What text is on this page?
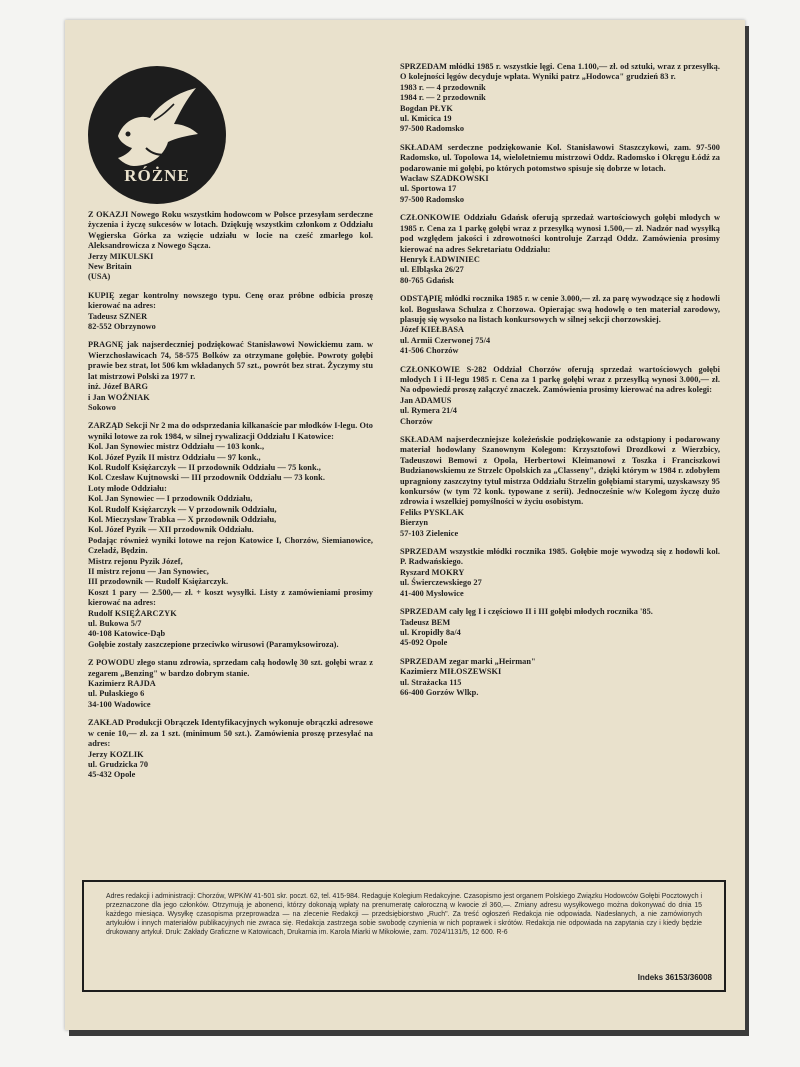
RÓŻNE

Z OKAZJI Nowego Roku wszystkim hodowcom w Polsce przesyłam serdeczne życzenia i życzę sukcesów w lotach. Dziękuję wszystkim członkom z Oddziału Węgierska Górka za wzięcie udziału w locie na cześć zmarłego kol. Aleksandrowicza z Nowego Sącza.
Jerzy MIKULSKI
New Britain
(USA)

KUPIĘ zegar kontrolny nowszego typu. Cenę oraz próbne odbicia proszę kierować na adres:
Tadeusz SZNER
82-552 Obrzynowo

PRAGNĘ jak najserdeczniej podziękować Stanisławowi Nowickiemu zam. w Wierzchosławicach 74, 58-575 Bolków za otrzymane gołębie. Powroty gołębi prawie bez strat, lot 506 km wkładanych 57 szt., powrót bez strat. Życzymy stu lat mistrzowi Polski za 1977 r.
inż. Józef BARG
i Jan WOŹNIAK
Sokowo

ZARZĄD Sekcji Nr 2 ma do odsprzedania kilkanaście par młodków I-legu. Oto wyniki lotowe za rok 1984, w silnej rywalizacji Oddziału I Katowice:
Kol. Jan Synowiec mistrz Oddziału — 103 konk.,
Kol. Józef Pyzik II mistrz Oddziału — 97 konk.,
Kol. Rudolf Księżarczyk — II przodownik Oddziału — 75 konk.,
Kol. Czesław Kujtnowski — III przodownik Oddziału — 73 konk.
Loty młode Oddziału:
Kol. Jan Synowiec — I przodownik Oddziału,
Kol. Rudolf Księżarczyk — V przodownik Oddziału,
Kol. Mieczysław Trabka — X przodownik Oddziału,
Kol. Józef Pyzik — XII przodownik Oddziału.
Podając również wyniki lotowe na rejon Katowice I, Chorzów, Siemianowice, Czeladź, Będzin.
Mistrz rejonu Pyzik Józef,
II mistrz rejonu — Jan Synowiec,
III przodownik — Rudolf Księżarczyk.
Koszt 1 pary — 2.500,— zł. + koszt wysyłki. Listy z zamówieniami prosimy kierować na adres:
Rudolf KSIĘŻARCZYK
ul. Bukowa 5/7
40-108 Katowice-Dąb
Gołębie zostały zaszczepione przeciwko wirusowi (Paramyksowiroza).

Z POWODU złego stanu zdrowia, sprzedam całą hodowlę 30 szt. gołębi wraz z zegarem „Benzing" w bardzo dobrym stanie.
Kazimierz RAJDA
ul. Pułaskiego 6
34-100 Wadowice

ZAKŁAD Produkcji Obrączek Identyfikacyjnych wykonuje obrączki adresowe w cenie 10,— zł. za 1 szt. (minimum 50 szt.). Zamówienia proszę przesyłać na adres:
Jerzy KOZLIK
ul. Grudzicka 70
45-432 Opole

SPRZEDAM młódki 1985 r. wszystkie lęgi. Cena 1.100,— zł. od sztuki, wraz z przesyłką. O kolejności lęgów decyduje wpłata. Wyniki patrz „Hodowca" grudzień 83 r.
1983 r. — 4 przodownik
1984 r. — 2 przodownik
Bogdan PŁYK
ul. Kmicica 19
97-500 Radomsko

SKŁADAM serdeczne podziękowanie Kol. Stanisławowi Staszczykowi, zam. 97-500 Radomsko, ul. Topolowa 14, wieloletniemu mistrzowi Oddz. Radomsko i Okręgu Łódź za podarowanie mi gołębi, po których potomstwo spisuje się dobrze w lotach.
Wacław SZADKOWSKI
ul. Sportowa 17
97-500 Radomsko

CZŁONKOWIE Oddziału Gdańsk oferują sprzedaż wartościowych gołębi młodych w 1985 r. Cena za 1 parkę gołębi wraz z przesyłką wynosi 1.500,— zł. Nadzór nad wysyłką pod względem jakości i zdrowotności kontroluje Zarząd Oddz. Zamówienia prosimy kierować na adres Sekretariatu Oddziału:
Henryk ŁADWINIEC
ul. Elbląska 26/27
80-765 Gdańsk

ODSTĄPIĘ młódki rocznika 1985 r. w cenie 3.000,— zł. za parę wywodzące się z hodowli kol. Bogusława Schulza z Chorzowa. Opierając swą hodowlę o ten materiał zarodowy, plasuję się wysoko na listach konkursowych w silnej sekcji chorzowskiej.
Józef KIEŁBASA
ul. Armii Czerwonej 75/4
41-506 Chorzów

CZŁONKOWIE S-282 Oddział Chorzów oferują sprzedaż wartościowych gołębi młodych I i II-legu 1985 r. Cena za 1 parkę gołębi wraz z przesyłką wynosi 3.000,— zł. Na odpowiedź proszę załączyć znaczek. Zamówienia prosimy kierować na adres kolegi:
Jan ADAMUS
ul. Rymera 21/4
Chorzów

SKŁADAM najserdeczniejsze koleżeńskie podziękowanie za odstąpiony i podarowany materiał hodowlany Szanownym Kolegom: Krzysztofowi Drozdkowi z Wierzbicy, Tadeuszowi Bemowi z Opola, Herbertowi Kleimanowi z Toszka i Franciszkowi Budzianowskiemu ze Strzelc Opolskich za „Classeny", dzięki którym w 1984 r. zdobyłem upragniony zaszczytny tytuł mistrza Oddziału Strzelin gołębiami starymi, uzyskawszy 95 konkursów (w tym 72 konk. typowane z serii). Jednocześnie w/w Kolegom życzę dużo zdrowia i wszelkiej pomyślności w życiu osobistym.
Feliks PYSKLAK
Bierzyn
57-103 Zielenice

SPRZEDAM wszystkie młódki rocznika 1985. Gołębie moje wywodzą się z hodowli kol. P. Radwańskiego.
Ryszard MOKRY
ul. Świerczewskiego 27
41-400 Mysłowice

SPRZEDAM cały lęg I i częściowo II i III gołębi młodych rocznika '85.
Tadeusz BEM
ul. Kropidły 8a/4
45-092 Opole

SPRZEDAM zegar marki „Heirman"
Kazimierz MIŁOSZEWSKI
ul. Strażacka 115
66-400 Gorzów Wlkp.

Adres redakcji i administracji: Chorzów, WPKiW 41-501 skr. poczt. 62, tel. 415-984. Redaguje Kolegium Redakcyjne. Czasopismo jest organem Polskiego Związku Hodowców Gołębi Pocztowych i przeznaczone dla jego członków. Otrzymują je abonenci, którzy dokonają wpłaty na prenumeratę całoroczną w kwocie zł 360,—. Zmiany adresu wysyłkowego można dokonywać do dnia 15 każdego miesiąca. Wysyłkę czasopisma przeprowadza — na zlecenie Redakcji — przedsiębiorstwo „Ruch". Za treść ogłoszeń Redakcja nie odpowiada. Nadesłanych, a nie zamówionych artykułów i innych materiałów publikacyjnych nie zwraca się. Redakcja zastrzega sobie swobodę czynienia w nich poprawek i skrótów. Redakcja nie odpowiada na zapytania czy i kiedy będzie drukowany artykuł. Druk: Zakłady Graficzne w Katowicach, Drukarnia im. Karola Miarki w Mikołowie, zam. 7024/1131/5, 12 600. R-6
Indeks 36153/36008
